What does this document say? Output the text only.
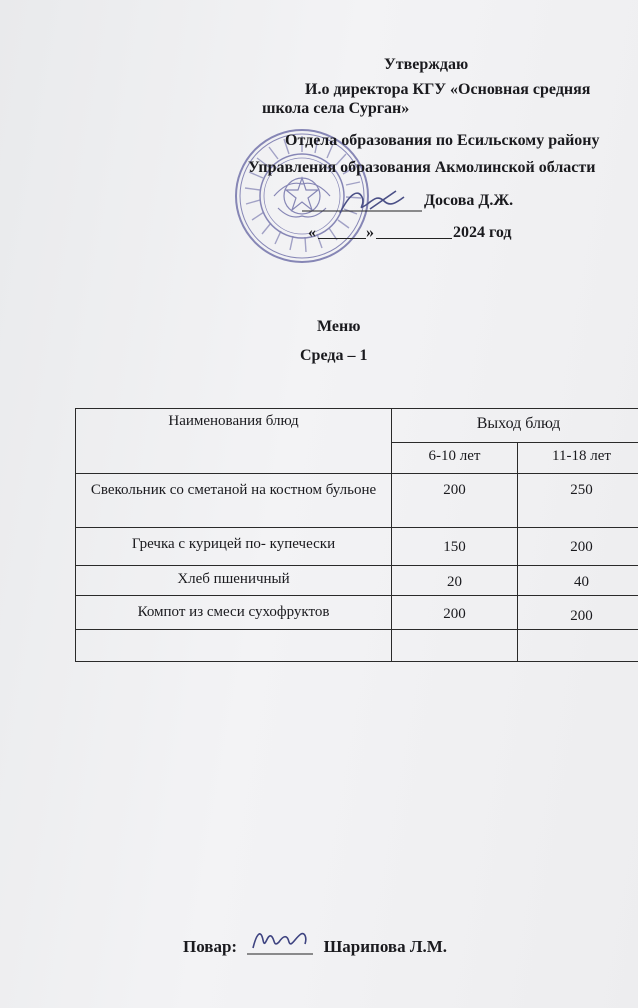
Утверждаю
И.о директора КГУ «Основная средняя
школа села Сурган»
Отдела образования по Есильскому району
Управления образования Акмолинской области
Досова Д.Ж.
«	»	2024 год
Меню
Среда – 1
Наименования блюд	Выход блюд	
	6-10 лет	11-18 лет
Свекольник со сметаной на костном бульоне	200	250
Гречка с курицей по- купечески	150	200
Хлеб пшеничный	20	40
Компот из смеси сухофруктов	200	200

Повар:	Шарипова Л.М.
